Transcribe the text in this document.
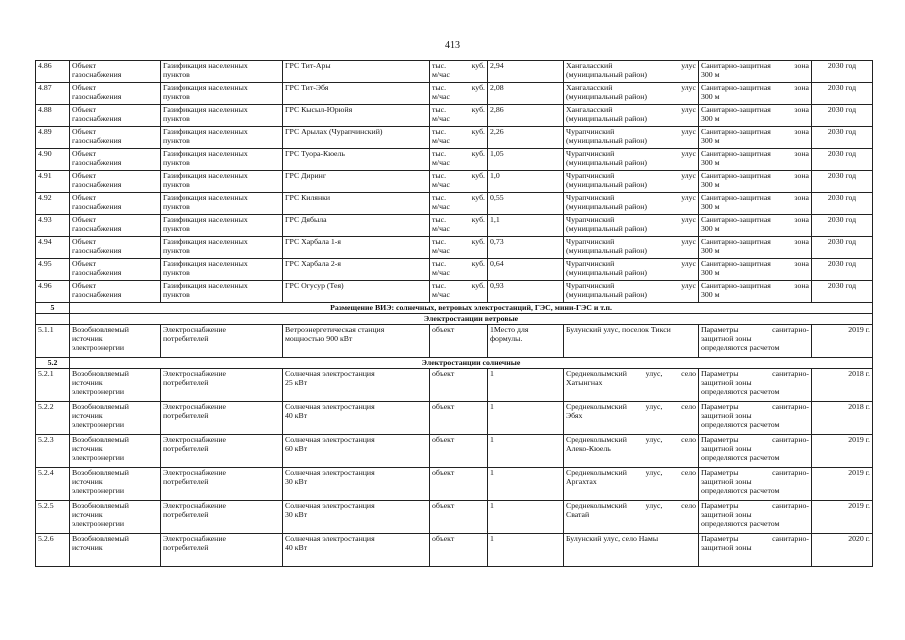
413
4.86	Объект
газоснабжения	Газификация населенных
пунктов	ГРС Тит-Ары	тыс. куб.
м/час	2,94	Хангаласский улус
(муниципальный район)	Санитарно-защитная зона
300 м	2030 год
4.87	Объект
газоснабжения	Газификация населенных
пунктов	ГРС Тит-Эбя	тыс. куб.
м/час	2,08	Хангаласский улус
(муниципальный район)	Санитарно-защитная зона
300 м	2030 год
4.88	Объект
газоснабжения	Газификация населенных
пунктов	ГРС Кысыл-Юрюйя	тыс. куб.
м/час	2,86	Хангаласский улус
(муниципальный район)	Санитарно-защитная зона
300 м	2030 год
4.89	Объект
газоснабжения	Газификация населенных
пунктов	ГРС Арылах (Чурапчинский)	тыс. куб.
м/час	2,26	Чурапчинский улус
(муниципальный район)	Санитарно-защитная зона
300 м	2030 год
4.90	Объект
газоснабжения	Газификация населенных
пунктов	ГРС Туора-Кюель	тыс. куб.
м/час	1,05	Чурапчинский улус
(муниципальный район)	Санитарно-защитная зона
300 м	2030 год
4.91	Объект
газоснабжения	Газификация населенных
пунктов	ГРС Диринг	тыс. куб.
м/час	1,0	Чурапчинский улус
(муниципальный район)	Санитарно-защитная зона
300 м	2030 год
4.92	Объект
газоснабжения	Газификация населенных
пунктов	ГРС Килянки	тыс. куб.
м/час	0,55	Чурапчинский улус
(муниципальный район)	Санитарно-защитная зона
300 м	2030 год
4.93	Объект
газоснабжения	Газификация населенных
пунктов	ГРС Дябыла	тыс. куб.
м/час	1,1	Чурапчинский улус
(муниципальный район)	Санитарно-защитная зона
300 м	2030 год
4.94	Объект
газоснабжения	Газификация населенных
пунктов	ГРС Харбала 1-я	тыс. куб.
м/час	0,73	Чурапчинский улус
(муниципальный район)	Санитарно-защитная зона
300 м	2030 год
4.95	Объект
газоснабжения	Газификация населенных
пунктов	ГРС Харбала 2-я	тыс. куб.
м/час	0,64	Чурапчинский улус
(муниципальный район)	Санитарно-защитная зона
300 м	2030 год
4.96	Объект
газоснабжения	Газификация населенных
пунктов	ГРС Огусур (Тея)	тыс. куб.
м/час	0,93	Чурапчинский улус
(муниципальный район)	Санитарно-защитная зона
300 м	2030 год
5	Размещение ВИЭ: солнечных, ветровых электростанций, ГЭС, мини-ГЭС и т.п.							
	Электростанции ветровые							
5.1.1	Возобновляемый
источник
электроэнергии	Электроснабжение
потребителей	Ветроэнергетическая станция
мощностью 900 кВт	объект	1Место для
формулы.	Булунский улус, поселок Тикси	Параметры санитарно-
защитной зоны
определяются расчетом	2019 г.
5.2	Электростанции солнечные							
5.2.1	Возобновляемый
источник
электроэнергии	Электроснабжение
потребителей	Солнечная электростанция
25 кВт	объект	1	Среднеколымский улус, село
Хатынгнах	Параметры санитарно-
защитной зоны
определяются расчетом	2018 г.
5.2.2	Возобновляемый
источник
электроэнергии	Электроснабжение
потребителей	Солнечная электростанция
40 кВт	объект	1	Среднеколымский улус, село
Эбях	Параметры санитарно-
защитной зоны
определяются расчетом	2018 г.
5.2.3	Возобновляемый
источник
электроэнергии	Электроснабжение
потребителей	Солнечная электростанция
60 кВт	объект	1	Среднеколымский улус, село
Алеко-Кюель	Параметры санитарно-
защитной зоны
определяются расчетом	2019 г.
5.2.4	Возобновляемый
источник
электроэнергии	Электроснабжение
потребителей	Солнечная электростанция
30 кВт	объект	1	Среднеколымский улус, село
Аргахтах	Параметры санитарно-
защитной зоны
определяются расчетом	2019 г.
5.2.5	Возобновляемый
источник
электроэнергии	Электроснабжение
потребителей	Солнечная электростанция
30 кВт	объект	1	Среднеколымский улус, село
Сватай	Параметры санитарно-
защитной зоны
определяются расчетом	2019 г.
5.2.6	Возобновляемый
источник	Электроснабжение
потребителей	Солнечная электростанция
40 кВт	объект	1	Булунский улус, село Намы	Параметры санитарно-
защитной зоны	2020 г.
